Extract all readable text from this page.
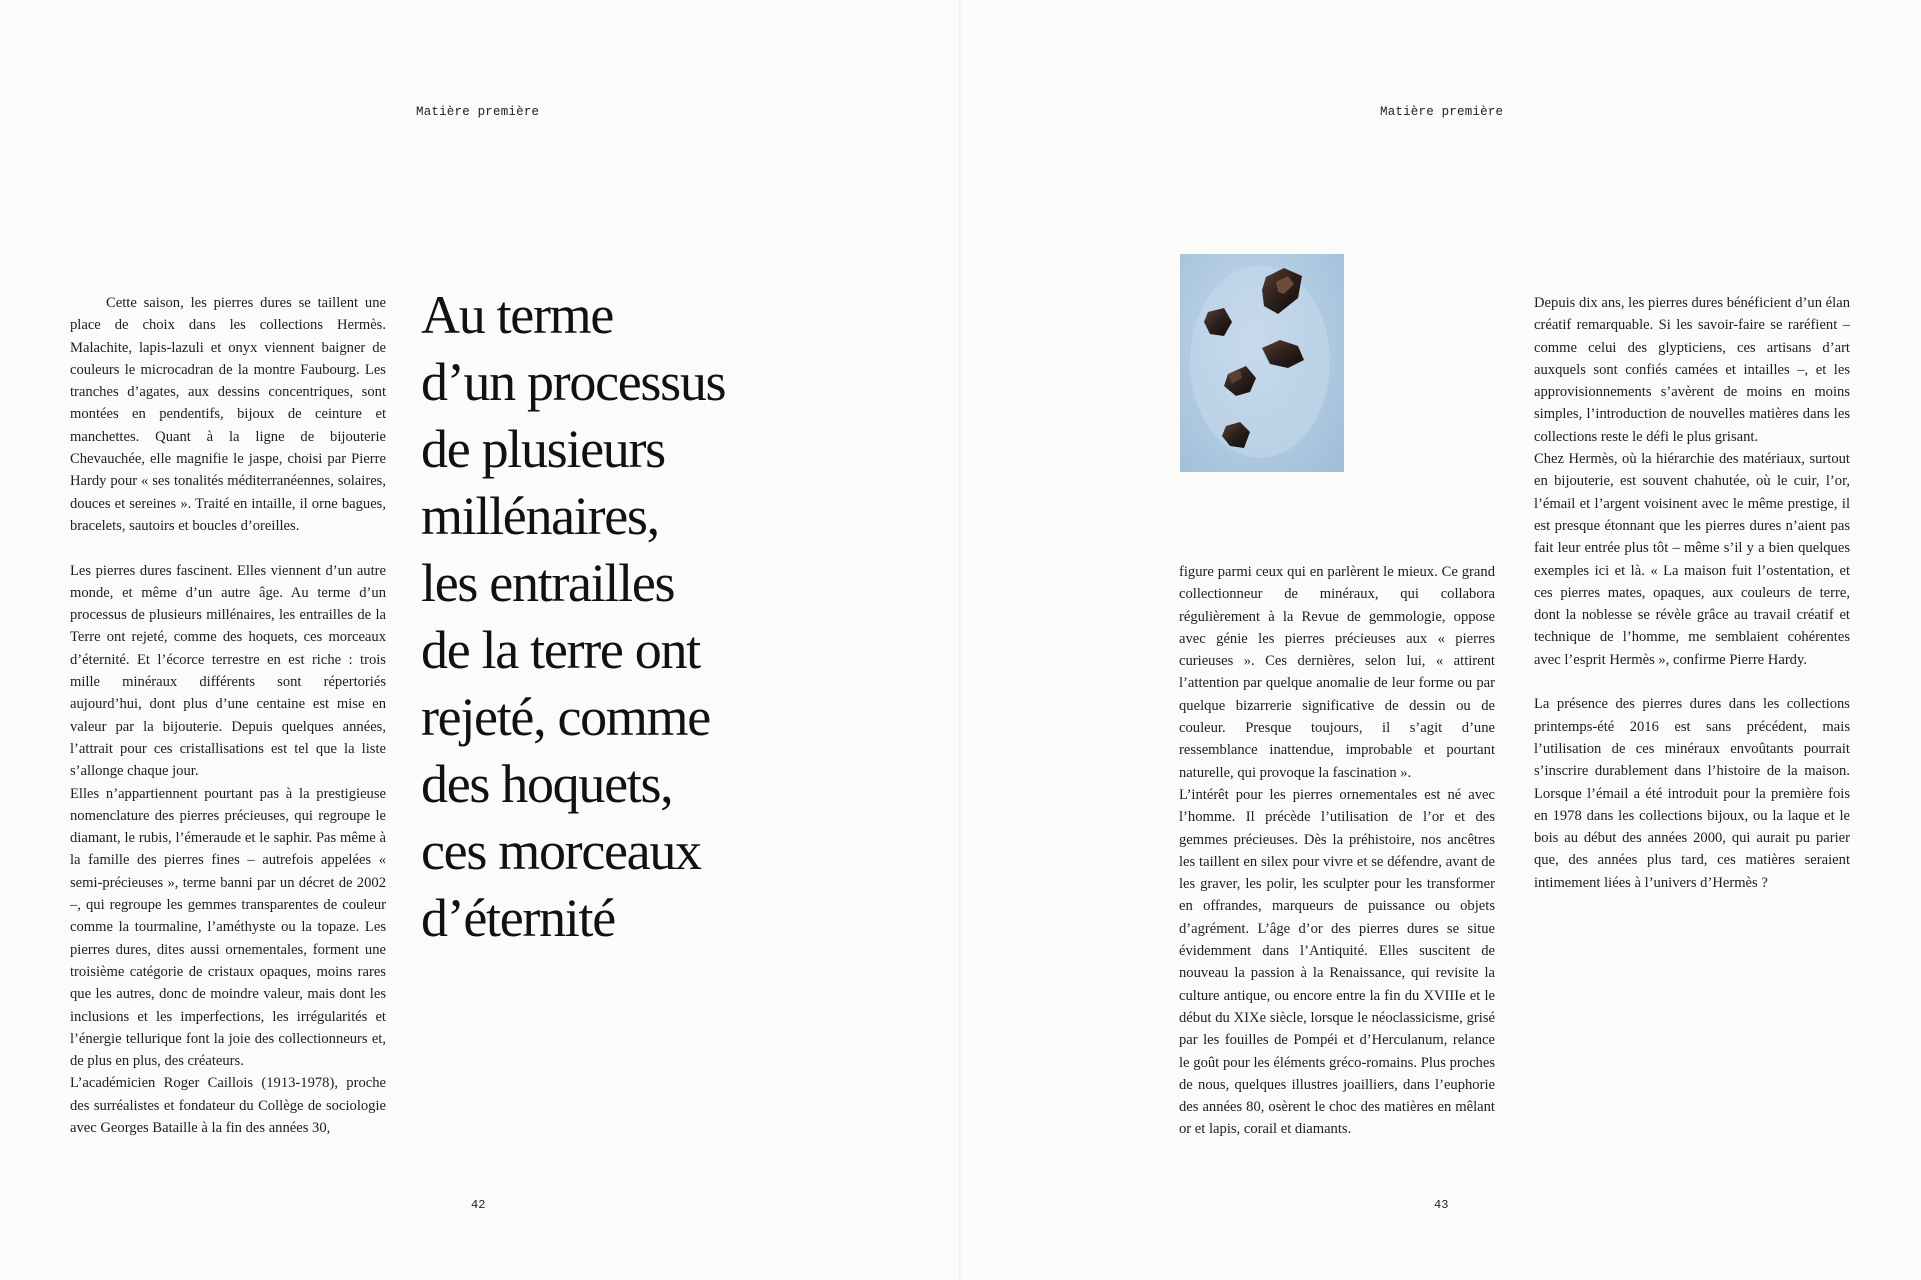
Matière première

Cette saison, les pierres dures se taillent une place de choix dans les collections Hermès. Malachite, lapis-lazuli et onyx viennent baigner de couleurs le microcadran de la montre Faubourg. Les tranches d’agates, aux dessins concentriques, sont montées en pendentifs, bijoux de ceinture et manchettes. Quant à la ligne de bijouterie Chevauchée, elle magnifie le jaspe, choisi par Pierre Hardy pour « ses tonalités méditerranéennes, solaires, douces et sereines ». Traité en intaille, il orne bagues, bracelets, sautoirs et boucles d’oreilles.

Les pierres dures fascinent. Elles viennent d’un autre monde, et même d’un autre âge. Au terme d’un processus de plusieurs millénaires, les entrailles de la Terre ont rejeté, comme des hoquets, ces morceaux d’éternité. Et l’écorce terrestre en est riche : trois mille minéraux différents sont répertoriés aujourd’hui, dont plus d’une centaine est mise en valeur par la bijouterie. Depuis quelques années, l’attrait pour ces cristallisations est tel que la liste s’allonge chaque jour.

Elles n’appartiennent pourtant pas à la prestigieuse nomenclature des pierres précieuses, qui regroupe le diamant, le rubis, l’émeraude et le saphir. Pas même à la famille des pierres fines – autrefois appelées « semi-précieuses », terme banni par un décret de 2002 –, qui regroupe les gemmes transparentes de couleur comme la tourmaline, l’améthyste ou la topaze. Les pierres dures, dites aussi ornementales, forment une troisième catégorie de cristaux opaques, moins rares que les autres, donc de moindre valeur, mais dont les inclusions et les imperfections, les irrégularités et l’énergie tellurique font la joie des collectionneurs et, de plus en plus, des créateurs.

L’académicien Roger Caillois (1913-1978), proche des surréalistes et fondateur du Collège de sociologie avec Georges Bataille à la fin des années 30,

Au terme
d’un processus
de plusieurs
millénaires,
les entrailles
de la terre ont
rejeté, comme
des hoquets,
ces morceaux
d’éternité
42
Matière première

figure parmi ceux qui en parlèrent le mieux. Ce grand collectionneur de minéraux, qui collabora régulièrement à la Revue de gemmologie, oppose avec génie les pierres précieuses aux « pierres curieuses ». Ces dernières, selon lui, « attirent l’attention par quelque anomalie de leur forme ou par quelque bizarrerie significative de dessin ou de couleur. Presque toujours, il s’agit d’une ressemblance inattendue, improbable et pourtant naturelle, qui provoque la fascination ».

L’intérêt pour les pierres ornementales est né avec l’homme. Il précède l’utilisation de l’or et des gemmes précieuses. Dès la préhistoire, nos ancêtres les taillent en silex pour vivre et se défendre, avant de les graver, les polir, les sculpter pour les transformer en offrandes, marqueurs de puissance ou objets d’agrément. L’âge d’or des pierres dures se situe évidemment dans l’Antiquité. Elles suscitent de nouveau la passion à la Renaissance, qui revisite la culture antique, ou encore entre la fin du XVIIIe et le début du XIXe siècle, lorsque le néoclassicisme, grisé par les fouilles de Pompéi et d’Herculanum, relance le goût pour les éléments gréco-romains. Plus proches de nous, quelques illustres joailliers, dans l’euphorie des années 80, osèrent le choc des matières en mêlant or et lapis, corail et diamants.

Depuis dix ans, les pierres dures bénéficient d’un élan créatif remarquable. Si les savoir-faire se raréfient – comme celui des glypticiens, ces artisans d’art auxquels sont confiés camées et intailles –, et les approvisionnements s’avèrent de moins en moins simples, l’introduction de nouvelles matières dans les collections reste le défi le plus grisant.

Chez Hermès, où la hiérarchie des matériaux, surtout en bijouterie, est souvent chahutée, où le cuir, l’or, l’émail et l’argent voisinent avec le même prestige, il est presque étonnant que les pierres dures n’aient pas fait leur entrée plus tôt – même s’il y a bien quelques exemples ici et là. « La maison fuit l’ostentation, et ces pierres mates, opaques, aux couleurs de terre, dont la noblesse se révèle grâce au travail créatif et technique de l’homme, me semblaient cohérentes avec l’esprit Hermès », confirme Pierre Hardy.

La présence des pierres dures dans les collections printemps-été 2016 est sans précédent, mais l’utilisation de ces minéraux envoûtants pourrait s’inscrire durablement dans l’histoire de la maison. Lorsque l’émail a été introduit pour la première fois en 1978 dans les collections bijoux, ou la laque et le bois au début des années 2000, qui aurait pu parier que, des années plus tard, ces matières seraient intimement liées à l’univers d’Hermès ?

43
